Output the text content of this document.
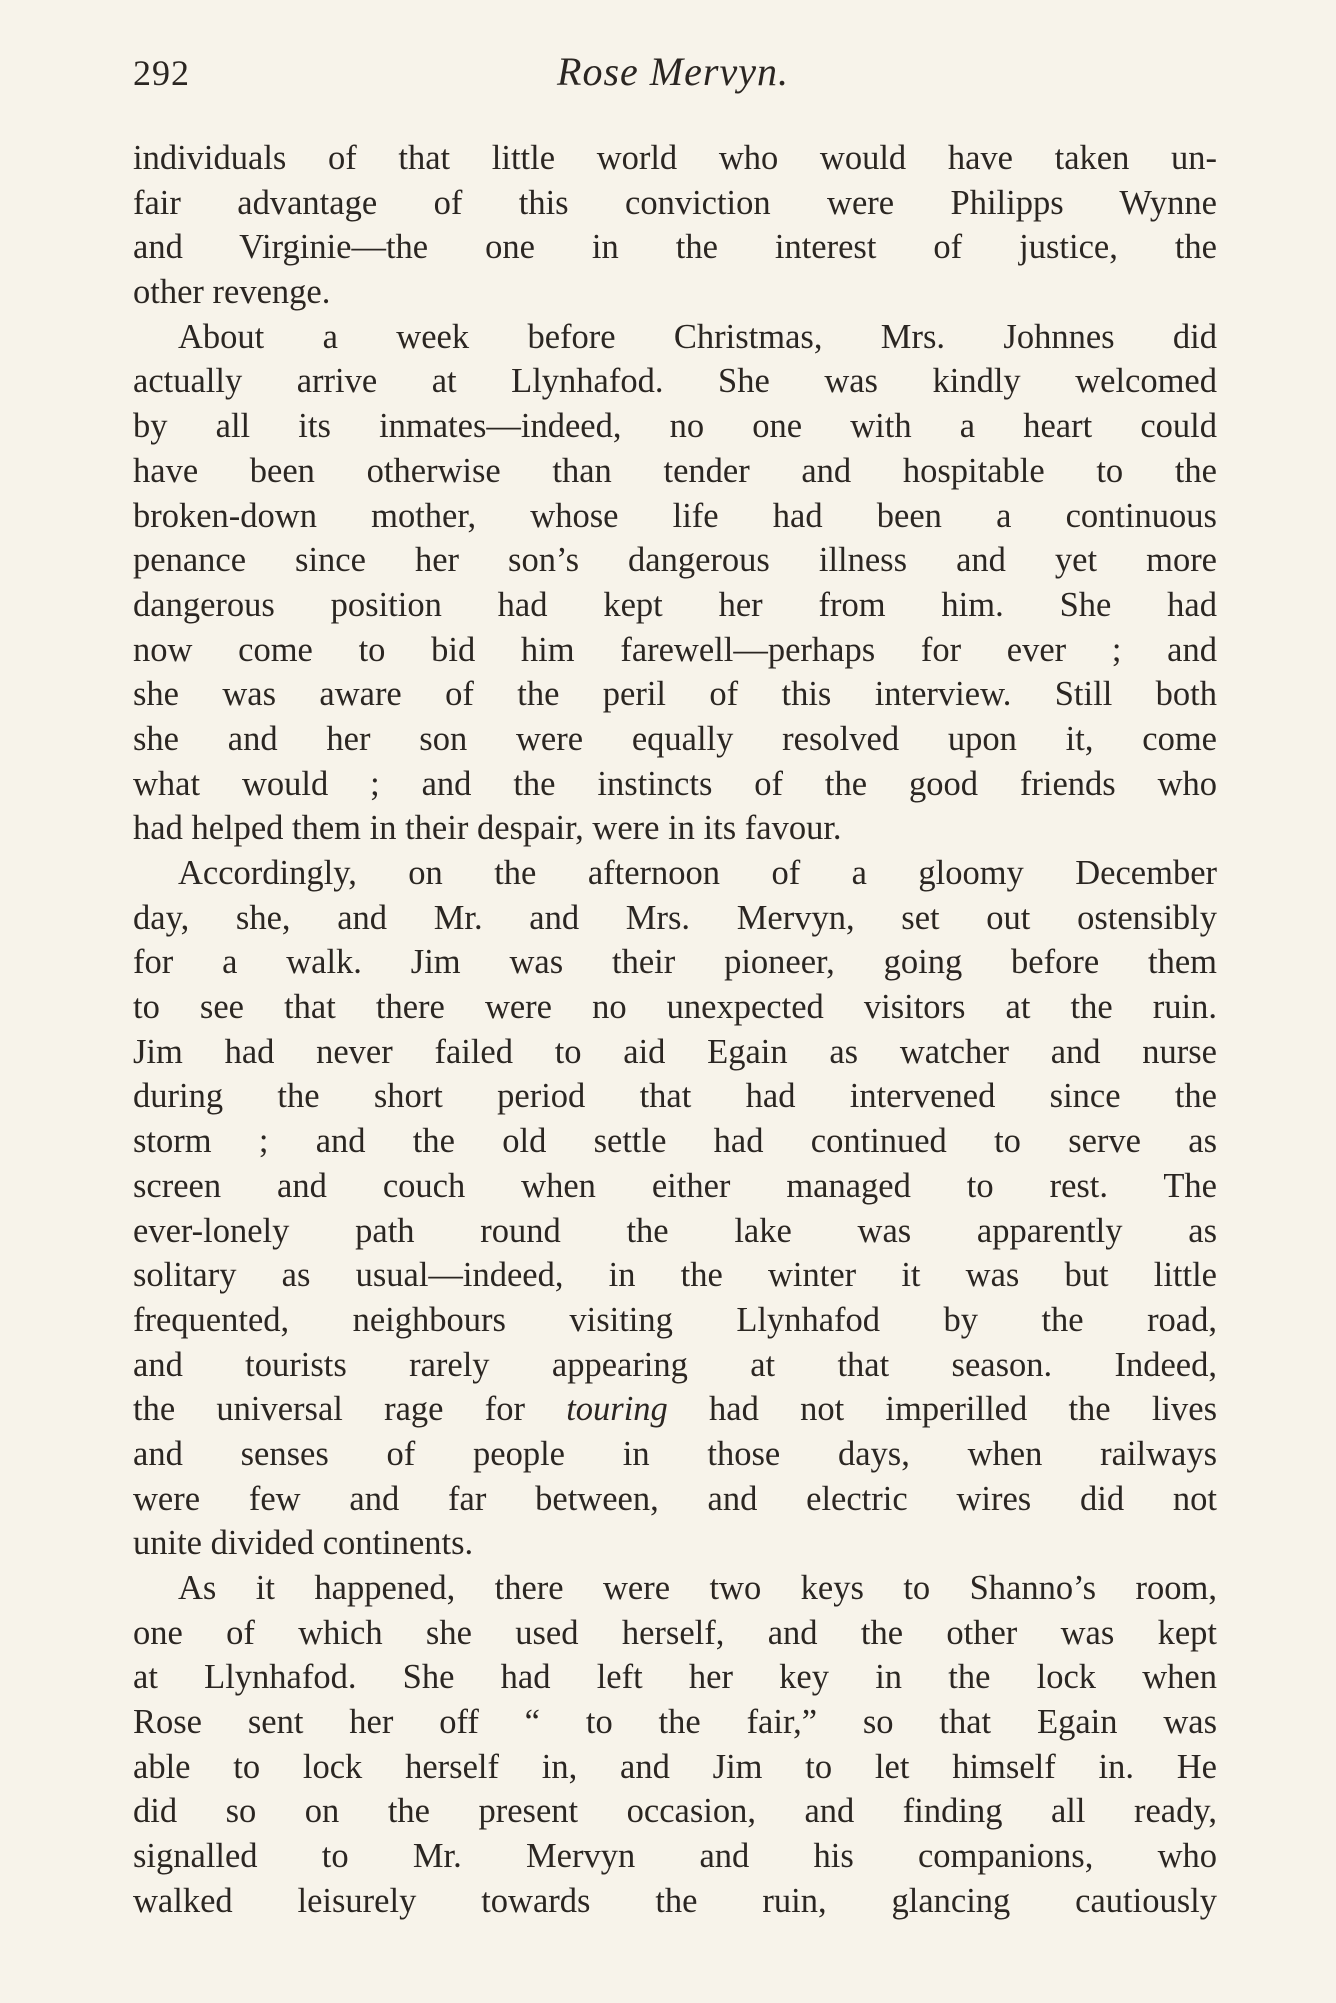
292	Rose Mervyn.
individuals of that little world who would have taken un-
fair advantage of this conviction were Philipps Wynne
and Virginie—the one in the interest of justice, the
other revenge.
About a week before Christmas, Mrs. Johnnes did
actually arrive at Llynhafod. She was kindly welcomed
by all its inmates—indeed, no one with a heart could
have been otherwise than tender and hospitable to the
broken-down mother, whose life had been a continuous
penance since her son’s dangerous illness and yet more
dangerous position had kept her from him. She had
now come to bid him farewell—perhaps for ever ; and
she was aware of the peril of this interview. Still both
she and her son were equally resolved upon it, come
what would ; and the instincts of the good friends who
had helped them in their despair, were in its favour.
Accordingly, on the afternoon of a gloomy December
day, she, and Mr. and Mrs. Mervyn, set out ostensibly
for a walk. Jim was their pioneer, going before them
to see that there were no unexpected visitors at the ruin.
Jim had never failed to aid Egain as watcher and nurse
during the short period that had intervened since the
storm ; and the old settle had continued to serve as
screen and couch when either managed to rest. The
ever-lonely path round the lake was apparently as
solitary as usual—indeed, in the winter it was but little
frequented, neighbours visiting Llynhafod by the road,
and tourists rarely appearing at that season. Indeed,
the universal rage for touring had not imperilled the lives
and senses of people in those days, when railways
were few and far between, and electric wires did not
unite divided continents.
As it happened, there were two keys to Shanno’s room,
one of which she used herself, and the other was kept
at Llynhafod. She had left her key in the lock when
Rose sent her off “ to the fair,” so that Egain was
able to lock herself in, and Jim to let himself in. He
did so on the present occasion, and finding all ready,
signalled to Mr. Mervyn and his companions, who
walked leisurely towards the ruin, glancing cautiously
